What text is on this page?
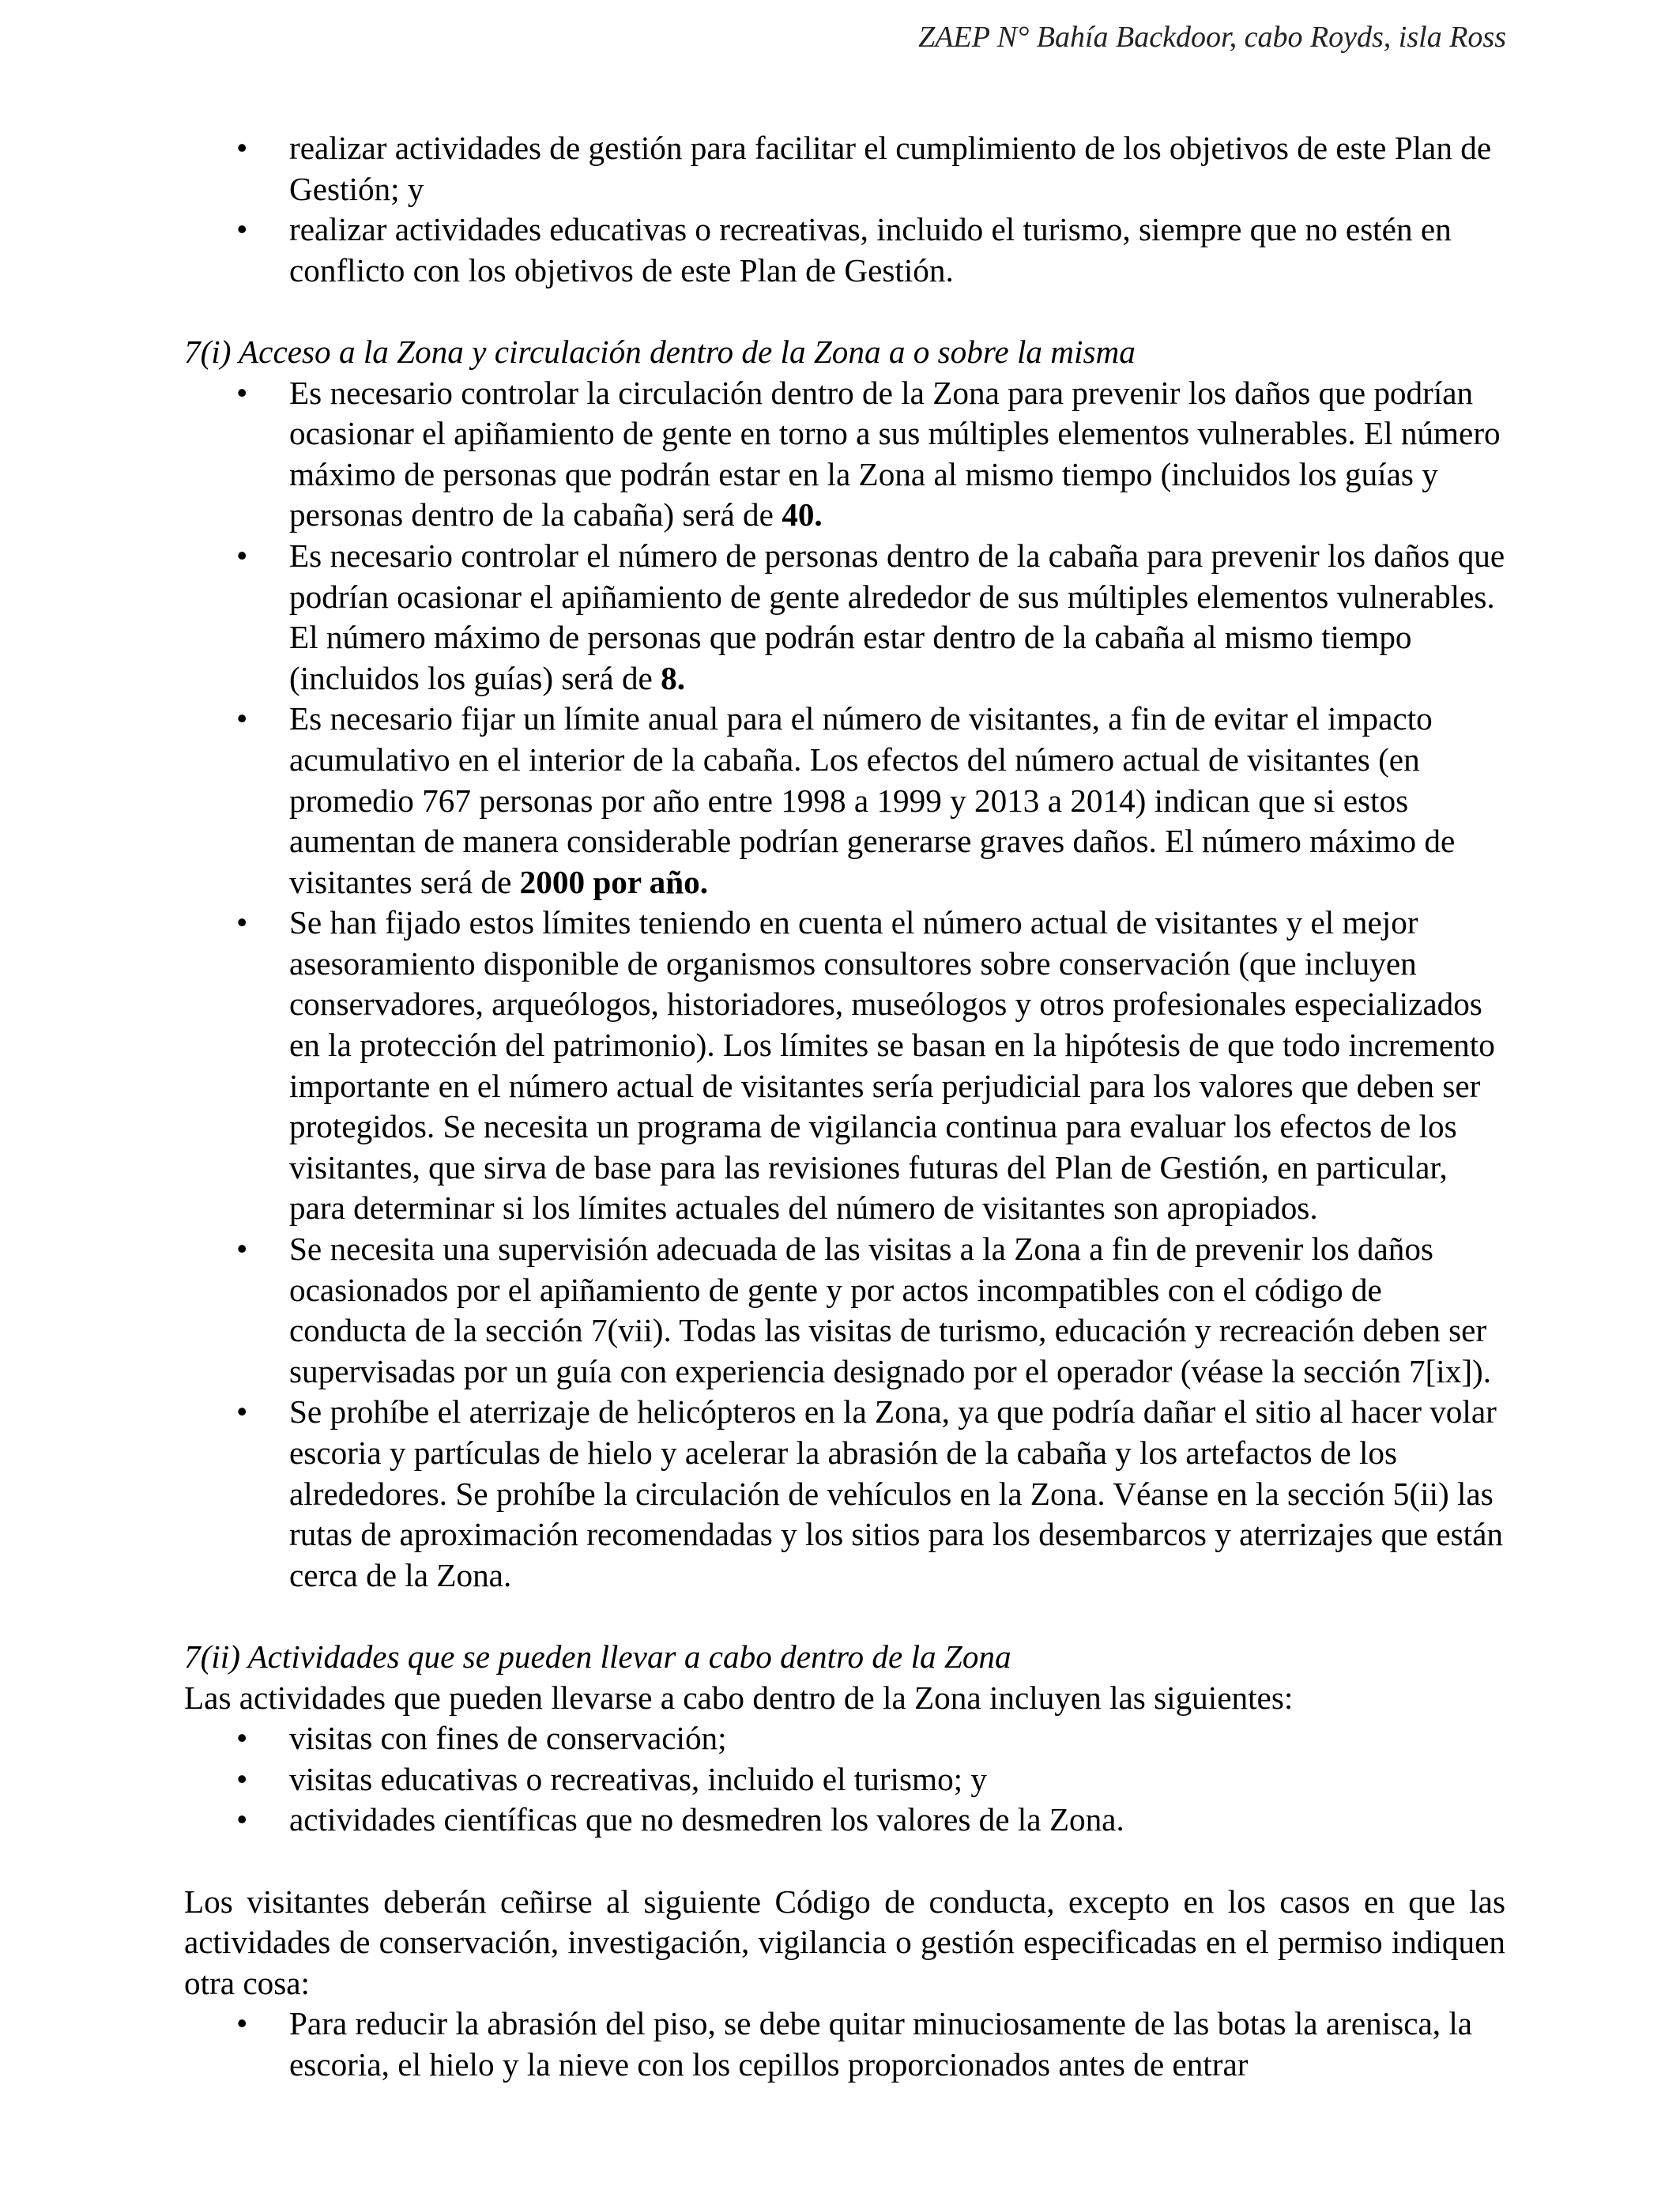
ZAEP N° Bahía Backdoor, cabo Royds, isla Ross
• realizar actividades de gestión para facilitar el cumplimiento de los objetivos de este Plan de Gestión; y
• realizar actividades educativas o recreativas, incluido el turismo, siempre que no estén en conflicto con los objetivos de este Plan de Gestión.
7(i) Acceso a la Zona y circulación dentro de la Zona a o sobre la misma
• Es necesario controlar la circulación dentro de la Zona para prevenir los daños que podrían ocasionar el apiñamiento de gente en torno a sus múltiples elementos vulnerables. El número máximo de personas que podrán estar en la Zona al mismo tiempo (incluidos los guías y personas dentro de la cabaña) será de 40.
• Es necesario controlar el número de personas dentro de la cabaña para prevenir los daños que podrían ocasionar el apiñamiento de gente alrededor de sus múltiples elementos vulnerables. El número máximo de personas que podrán estar dentro de la cabaña al mismo tiempo (incluidos los guías) será de 8.
• Es necesario fijar un límite anual para el número de visitantes, a fin de evitar el impacto acumulativo en el interior de la cabaña. Los efectos del número actual de visitantes (en promedio 767 personas por año entre 1998 a 1999 y 2013 a 2014) indican que si estos aumentan de manera considerable podrían generarse graves daños. El número máximo de visitantes será de 2000 por año.
• Se han fijado estos límites teniendo en cuenta el número actual de visitantes y el mejor asesoramiento disponible de organismos consultores sobre conservación (que incluyen conservadores, arqueólogos, historiadores, museólogos y otros profesionales especializados en la protección del patrimonio). Los límites se basan en la hipótesis de que todo incremento importante en el número actual de visitantes sería perjudicial para los valores que deben ser protegidos. Se necesita un programa de vigilancia continua para evaluar los efectos de los visitantes, que sirva de base para las revisiones futuras del Plan de Gestión, en particular, para determinar si los límites actuales del número de visitantes son apropiados.
• Se necesita una supervisión adecuada de las visitas a la Zona a fin de prevenir los daños ocasionados por el apiñamiento de gente y por actos incompatibles con el código de conducta de la sección 7(vii). Todas las visitas de turismo, educación y recreación deben ser supervisadas por un guía con experiencia designado por el operador (véase la sección 7[ix]).
• Se prohíbe el aterrizaje de helicópteros en la Zona, ya que podría dañar el sitio al hacer volar escoria y partículas de hielo y acelerar la abrasión de la cabaña y los artefactos de los alrededores. Se prohíbe la circulación de vehículos en la Zona. Véanse en la sección 5(ii) las rutas de aproximación recomendadas y los sitios para los desembarcos y aterrizajes que están cerca de la Zona.
7(ii) Actividades que se pueden llevar a cabo dentro de la Zona
Las actividades que pueden llevarse a cabo dentro de la Zona incluyen las siguientes:
• visitas con fines de conservación;
• visitas educativas o recreativas, incluido el turismo; y
• actividades científicas que no desmedren los valores de la Zona.
Los visitantes deberán ceñirse al siguiente Código de conducta, excepto en los casos en que las actividades de conservación, investigación, vigilancia o gestión especificadas en el permiso indiquen otra cosa:
• Para reducir la abrasión del piso, se debe quitar minuciosamente de las botas la arenisca, la escoria, el hielo y la nieve con los cepillos proporcionados antes de entrar
